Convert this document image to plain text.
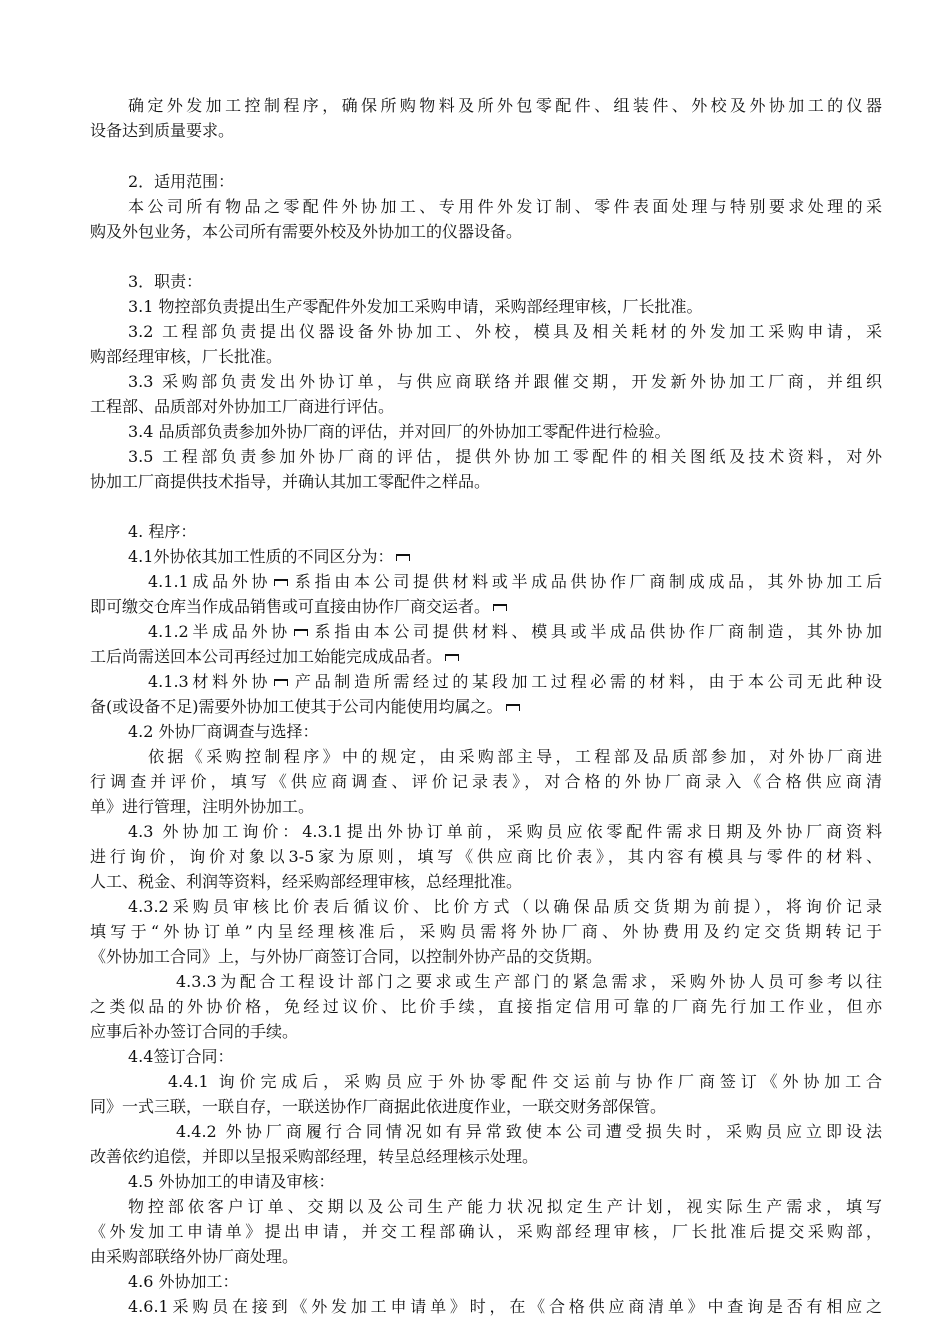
确定外发加工控制程序，确保所购物料及所外包零配件、组装件、外校及外协加工的仪器
设备达到质量要求。
2．适用范围：
本公司所有物品之零配件外协加工、专用件外发订制、零件表面处理与特别要求处理的采
购及外包业务，本公司所有需要外校及外协加工的仪器设备。
3．职责：
3.1 物控部负责提出生产零配件外发加工采购申请，采购部经理审核，厂长批准。
3.2 工程部负责提出仪器设备外协加工、外校，模具及相关耗材的外发加工采购申请，采
购部经理审核，厂长批准。
3.3 采购部负责发出外协订单，与供应商联络并跟催交期，开发新外协加工厂商，并组织
工程部、品质部对外协加工厂商进行评估。
3.4 品质部负责参加外协厂商的评估，并对回厂的外协加工零配件进行检验。
3.5 工程部负责参加外协厂商的评估，提供外协加工零配件的相关图纸及技术资料，对外
协加工厂商提供技术指导，并确认其加工零配件之样品。
4. 程序：
4.1外协依其加工性质的不同区分为：
4.1.1成品外协 系指由本公司提供材料或半成品供协作厂商制成成品，其外协加工后
即可缴交仓库当作成品销售或可直接由协作厂商交运者。
4.1.2半成品外协 系指由本公司提供材料、模具或半成品供协作厂商制造，其外协加
工后尚需送回本公司再经过加工始能完成成品者。
4.1.3材料外协 产品制造所需经过的某段加工过程必需的材料，由于本公司无此种设
备(或设备不足)需要外协加工使其于公司内能使用均属之。
4.2 外协厂商调查与选择：
依据《采购控制程序》中的规定，由采购部主导，工程部及品质部参加，对外协厂商进
行调查并评价，填写《供应商调查、评价记录表》，对合格的外协厂商录入《合格供应商清
单》进行管理，注明外协加工。
4.3 外协加工询价：4.3.1提出外协订单前，采购员应依零配件需求日期及外协厂商资料
进行询价，询价对象以3-5家为原则，填写《供应商比价表》，其内容有模具与零件的材料、
人工、税金、利润等资料，经采购部经理审核，总经理批准。
4.3.2采购员审核比价表后循议价、比价方式（以确保品质交货期为前提），将询价记录
填写于“外协订单”内呈经理核准后，采购员需将外协厂商、外协费用及约定交货期转记于
《外协加工合同》上，与外协厂商签订合同，以控制外协产品的交货期。
4.3.3为配合工程设计部门之要求或生产部门的紧急需求，采购外协人员可参考以往
之类似品的外协价格，免经过议价、比价手续，直接指定信用可靠的厂商先行加工作业，但亦
应事后补办签订合同的手续。
4.4签订合同：
4.4.1 询价完成后，采购员应于外协零配件交运前与协作厂商签订《外协加工合
同》一式三联，一联自存，一联送协作厂商据此依进度作业，一联交财务部保管。
4.4.2 外协厂商履行合同情况如有异常致使本公司遭受损失时，采购员应立即设法
改善依约追偿，并即以呈报采购部经理，转呈总经理核示处理。
4.5 外协加工的申请及审核：
物控部依客户订单、交期以及公司生产能力状况拟定生产计划，视实际生产需求，填写
《外发加工申请单》提出申请，并交工程部确认，采购部经理审核，厂长批准后提交采购部，
由采购部联络外协厂商处理。
4.6 外协加工：
4.6.1采购员在接到《外发加工申请单》时，在《合格供应商清单》中查询是否有相应之
